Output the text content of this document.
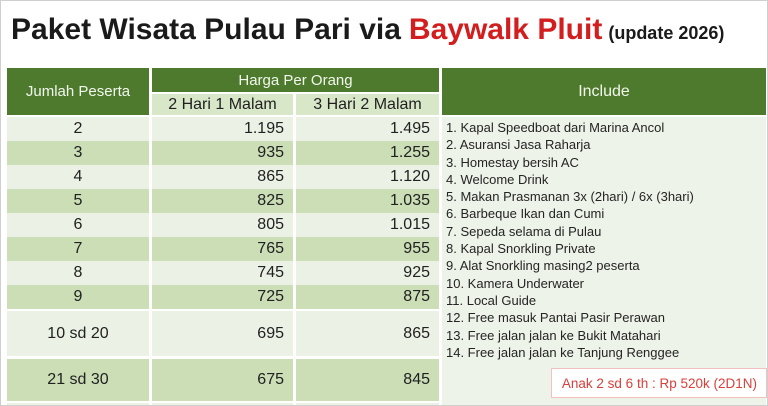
Paket Wisata Pulau Pari via Baywalk Pluit (update 2026)
Jumlah Peserta
Harga Per Orang
2 Hari 1 Malam	3 Hari 2 Malam
2	1.195	1.495
3	935	1.255
4	865	1.120
5	825	1.035
6	805	1.015
7	765	955
8	745	925
9	725	875
10 sd 20	695	865
21 sd 30	675	845
Include
1. Kapal Speedboat dari Marina Ancol
2. Asuransi Jasa Raharja
3. Homestay bersih AC
4. Welcome Drink
5. Makan Prasmanan 3x (2hari) / 6x (3hari)
6. Barbeque Ikan dan Cumi
7. Sepeda selama di Pulau
8. Kapal Snorkling Private
9. Alat Snorkling masing2 peserta
10. Kamera Underwater
11. Local Guide
12. Free masuk Pantai Pasir Perawan
13. Free jalan jalan ke Bukit Matahari
14. Free jalan jalan ke Tanjung Renggee
Anak 2 sd 6 th : Rp 520k (2D1N)
